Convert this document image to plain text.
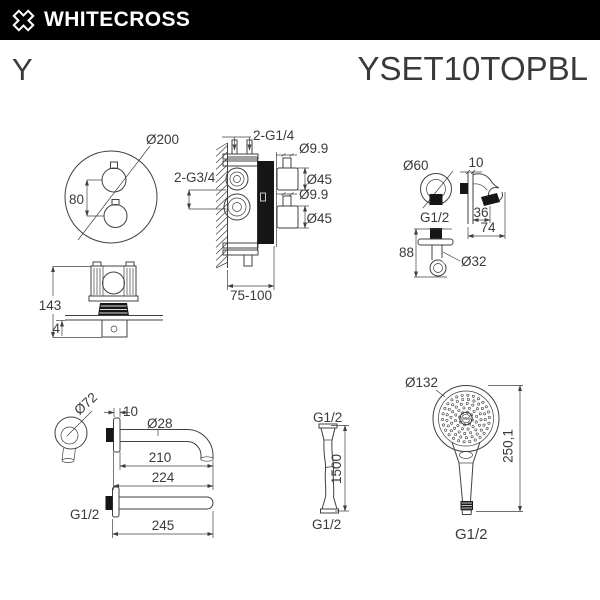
WHITECROSS
Y	YSET10TOPBL
80
Ø200
2-G3/4
2-G1/4
Ø9.9
Ø9.9
Ø45
Ø45
75-100
Ø60
G1/2
88
Ø32
10
36
74
143
4
Ø72 10
Ø28
210
224
G1/2
245
G1/2
G1/2
1500
Ø132
250,1
G1/2
